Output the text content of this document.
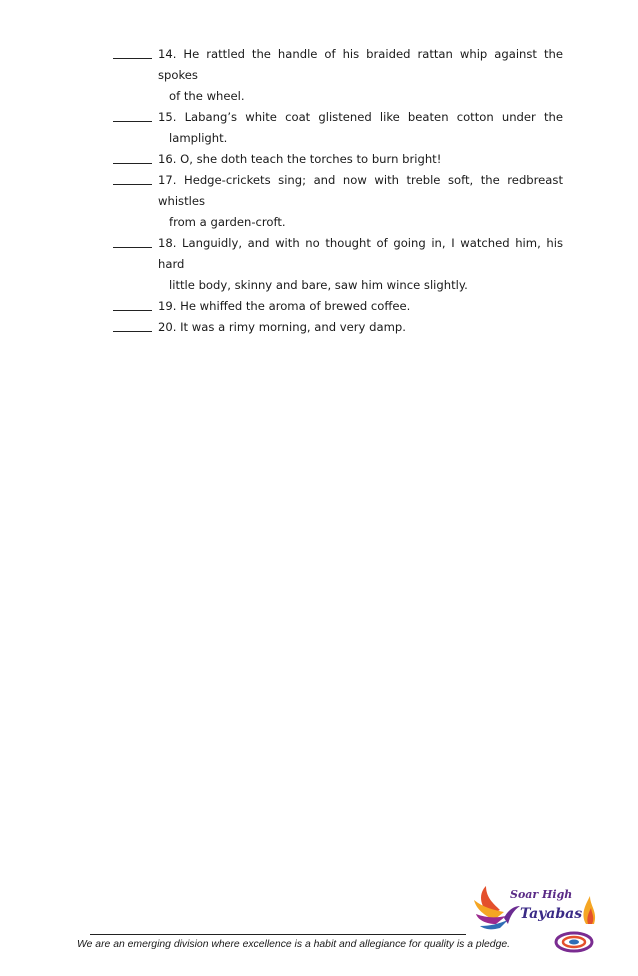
14. He rattled the handle of his braided rattan whip against the spokes
of the wheel.
15. Labang’s white coat glistened like beaten cotton under the
lamplight.
16. O, she doth teach the torches to burn bright!
17. Hedge-crickets sing; and now with treble soft, the redbreast whistles
from a garden-croft.
18. Languidly, and with no thought of going in, I watched him, his hard
little body, skinny and bare, saw him wince slightly.
19. He whiffed the aroma of brewed coffee.
20. It was a rimy morning, and very damp.
We are an emerging division where excellence is a habit and allegiance for quality is a pledge.
Soar High
Tayabas
